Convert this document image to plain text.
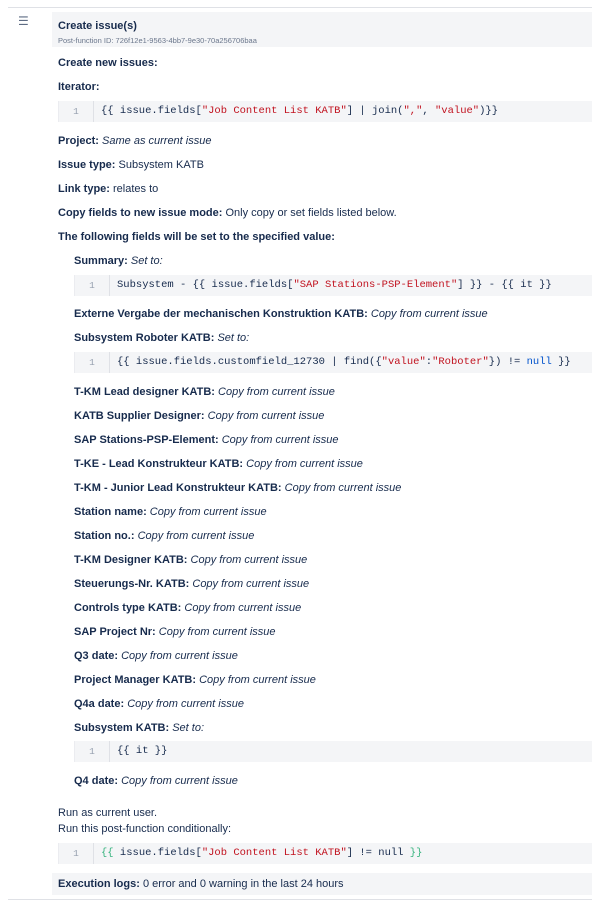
☰	Create issue(s)
Post-function ID: 726f12e1-9563-4bb7-9e30-70a256706baa
Create new issues:
Iterator:
1	{{ issue.fields["Job Content List KATB"] | join(",", "value")}}
Project: Same as current issue
Issue type: Subsystem KATB
Link type: relates to
Copy fields to new issue mode: Only copy or set fields listed below.
The following fields will be set to the specified value:
Summary: Set to:
1	Subsystem - {{ issue.fields["SAP Stations-PSP-Element"] }} - {{ it }}
Externe Vergabe der mechanischen Konstruktion KATB: Copy from current issue
Subsystem Roboter KATB: Set to:
1	{{ issue.fields.customfield_12730 | find({"value":"Roboter"}) != null }}
T-KM Lead designer KATB: Copy from current issue
KATB Supplier Designer: Copy from current issue
SAP Stations-PSP-Element: Copy from current issue
T-KE - Lead Konstrukteur KATB: Copy from current issue
T-KM - Junior Lead Konstrukteur KATB: Copy from current issue
Station name: Copy from current issue
Station no.: Copy from current issue
T-KM Designer KATB: Copy from current issue
Steuerungs-Nr. KATB: Copy from current issue
Controls type KATB: Copy from current issue
SAP Project Nr: Copy from current issue
Q3 date: Copy from current issue
Project Manager KATB: Copy from current issue
Q4a date: Copy from current issue
Subsystem KATB: Set to:
1	{{ it }}
Q4 date: Copy from current issue
Run as current user.
Run this post-function conditionally:
1	{{ issue.fields["Job Content List KATB"] != null }}
Execution logs: 0 error and 0 warning in the last 24 hours
